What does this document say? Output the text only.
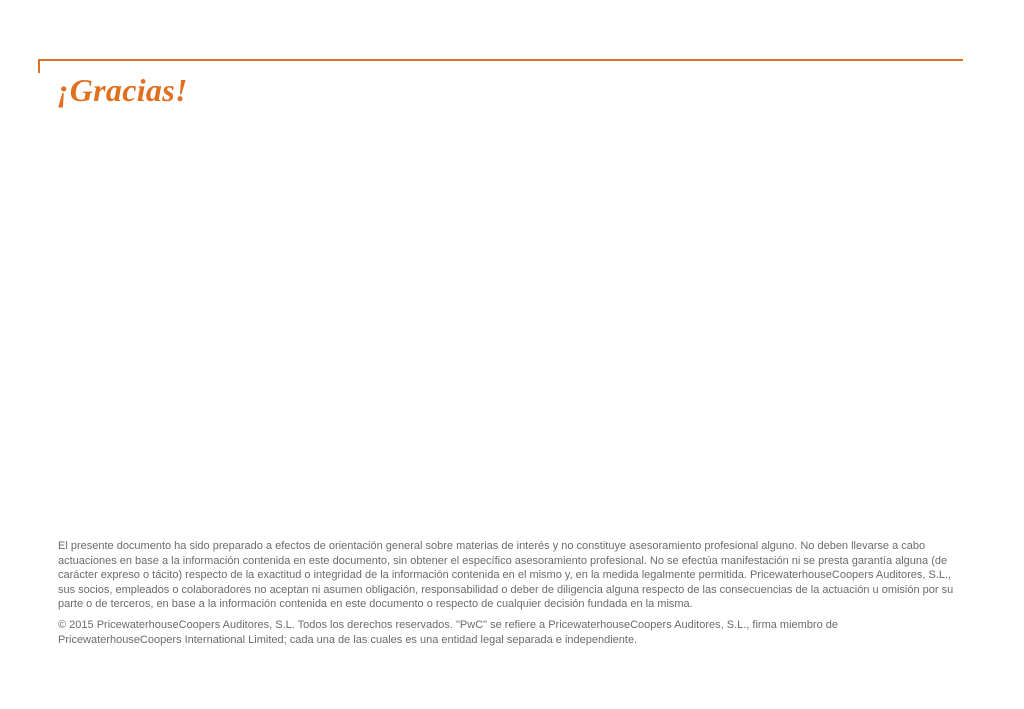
¡Gracias!

El presente documento ha sido preparado a efectos de orientación general sobre materias de interés y no constituye asesoramiento profesional alguno. No deben llevarse a cabo actuaciones en base a la información contenida en este documento, sin obtener el específico asesoramiento profesional. No se efectúa manifestación ni se presta garantía alguna (de carácter expreso o tácito) respecto de la exactitud o integridad de la información contenida en el mismo y, en la medida legalmente permitida. PricewaterhouseCoopers Auditores, S.L., sus socios, empleados o colaboradores no aceptan ni asumen obligación, responsabilidad o deber de diligencia alguna respecto de las consecuencias de la actuación u omisión por su parte o de terceros, en base a la información contenida en este documento o respecto de cualquier decisión fundada en la misma.

© 2015 PricewaterhouseCoopers Auditores, S.L. Todos los derechos reservados. "PwC" se refiere a PricewaterhouseCoopers Auditores, S.L., firma miembro de PricewaterhouseCoopers International Limited; cada una de las cuales es una entidad legal separada e independiente.
